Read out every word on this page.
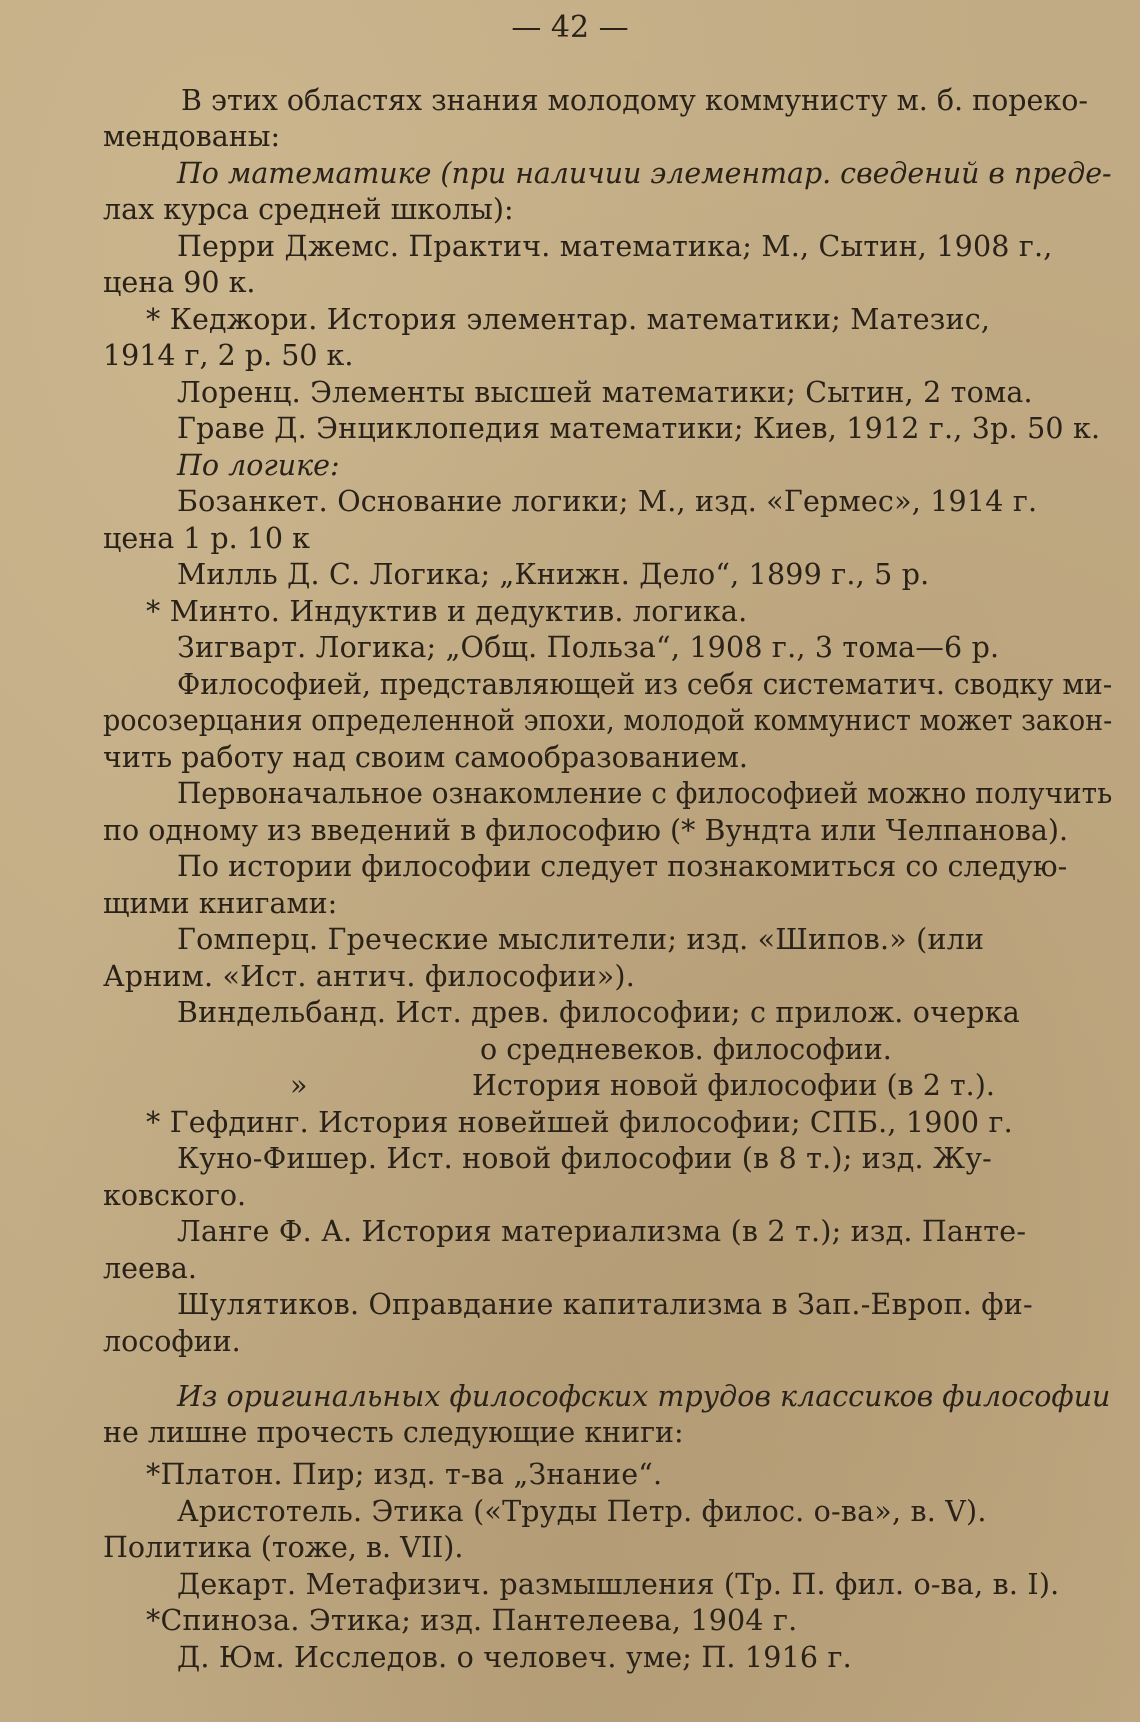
— 42 —
В этих областях знания молодому коммунисту м. б. пореко-
мендованы:
По математике (при наличии элементар. сведений в преде-
лах курса средней школы):
Перри Джемс. Практич. математика; М., Сытин, 1908 г.,
цена 90 к.
* Кеджори. История элементар. математики; Матезис,
1914 г, 2 р. 50 к.
Лоренц. Элементы высшей математики; Сытин, 2 тома.
Граве Д. Энциклопедия математики; Киев, 1912 г., 3р. 50 к.
По логике:
Бозанкет. Основание логики; М., изд. «Гермес», 1914 г.
цена 1 р. 10 к
Милль Д. С. Логика; „Книжн. Дело“, 1899 г., 5 р.
* Минто. Индуктив и дедуктив. логика.
Зигварт. Логика; „Общ. Польза“, 1908 г., 3 тома—6 р.
Философией, представляющей из себя систематич. сводку ми-
росозерцания определенной эпохи, молодой коммунист может закон-
чить работу над своим самообразованием.
Первоначальное ознакомление с философией можно получить
по одному из введений в философию (* Вундта или Челпанова).
По истории философии следует познакомиться со следую-
щими книгами:
Гомперц. Греческие мыслители; изд. «Шипов.» (или
Арним. «Ист. антич. философии»).
Виндельбанд. Ист. древ. философии; с прилож. очерка
о средневеков. философии.
»	История новой философии (в 2 т.).
* Гефдинг. История новейшей философии; СПБ., 1900 г.
Куно-Фишер. Ист. новой философии (в 8 т.); изд. Жу-
ковского.
Ланге Ф. А. История материализма (в 2 т.); изд. Панте-
леева.
Шулятиков. Оправдание капитализма в Зап.-Европ. фи-
лософии.
Из оригинальных философских трудов классиков философии
не лишне прочесть следующие книги:
*Платон. Пир; изд. т-ва „Знание“.
Аристотель. Этика («Труды Петр. филос. о-ва», в. V).
Политика (тоже, в. VII).
Декарт. Метафизич. размышления (Тр. П. фил. о-ва, в. I).
*Спиноза. Этика; изд. Пантелеева, 1904 г.
Д. Юм. Исследов. о человеч. уме; П. 1916 г.
